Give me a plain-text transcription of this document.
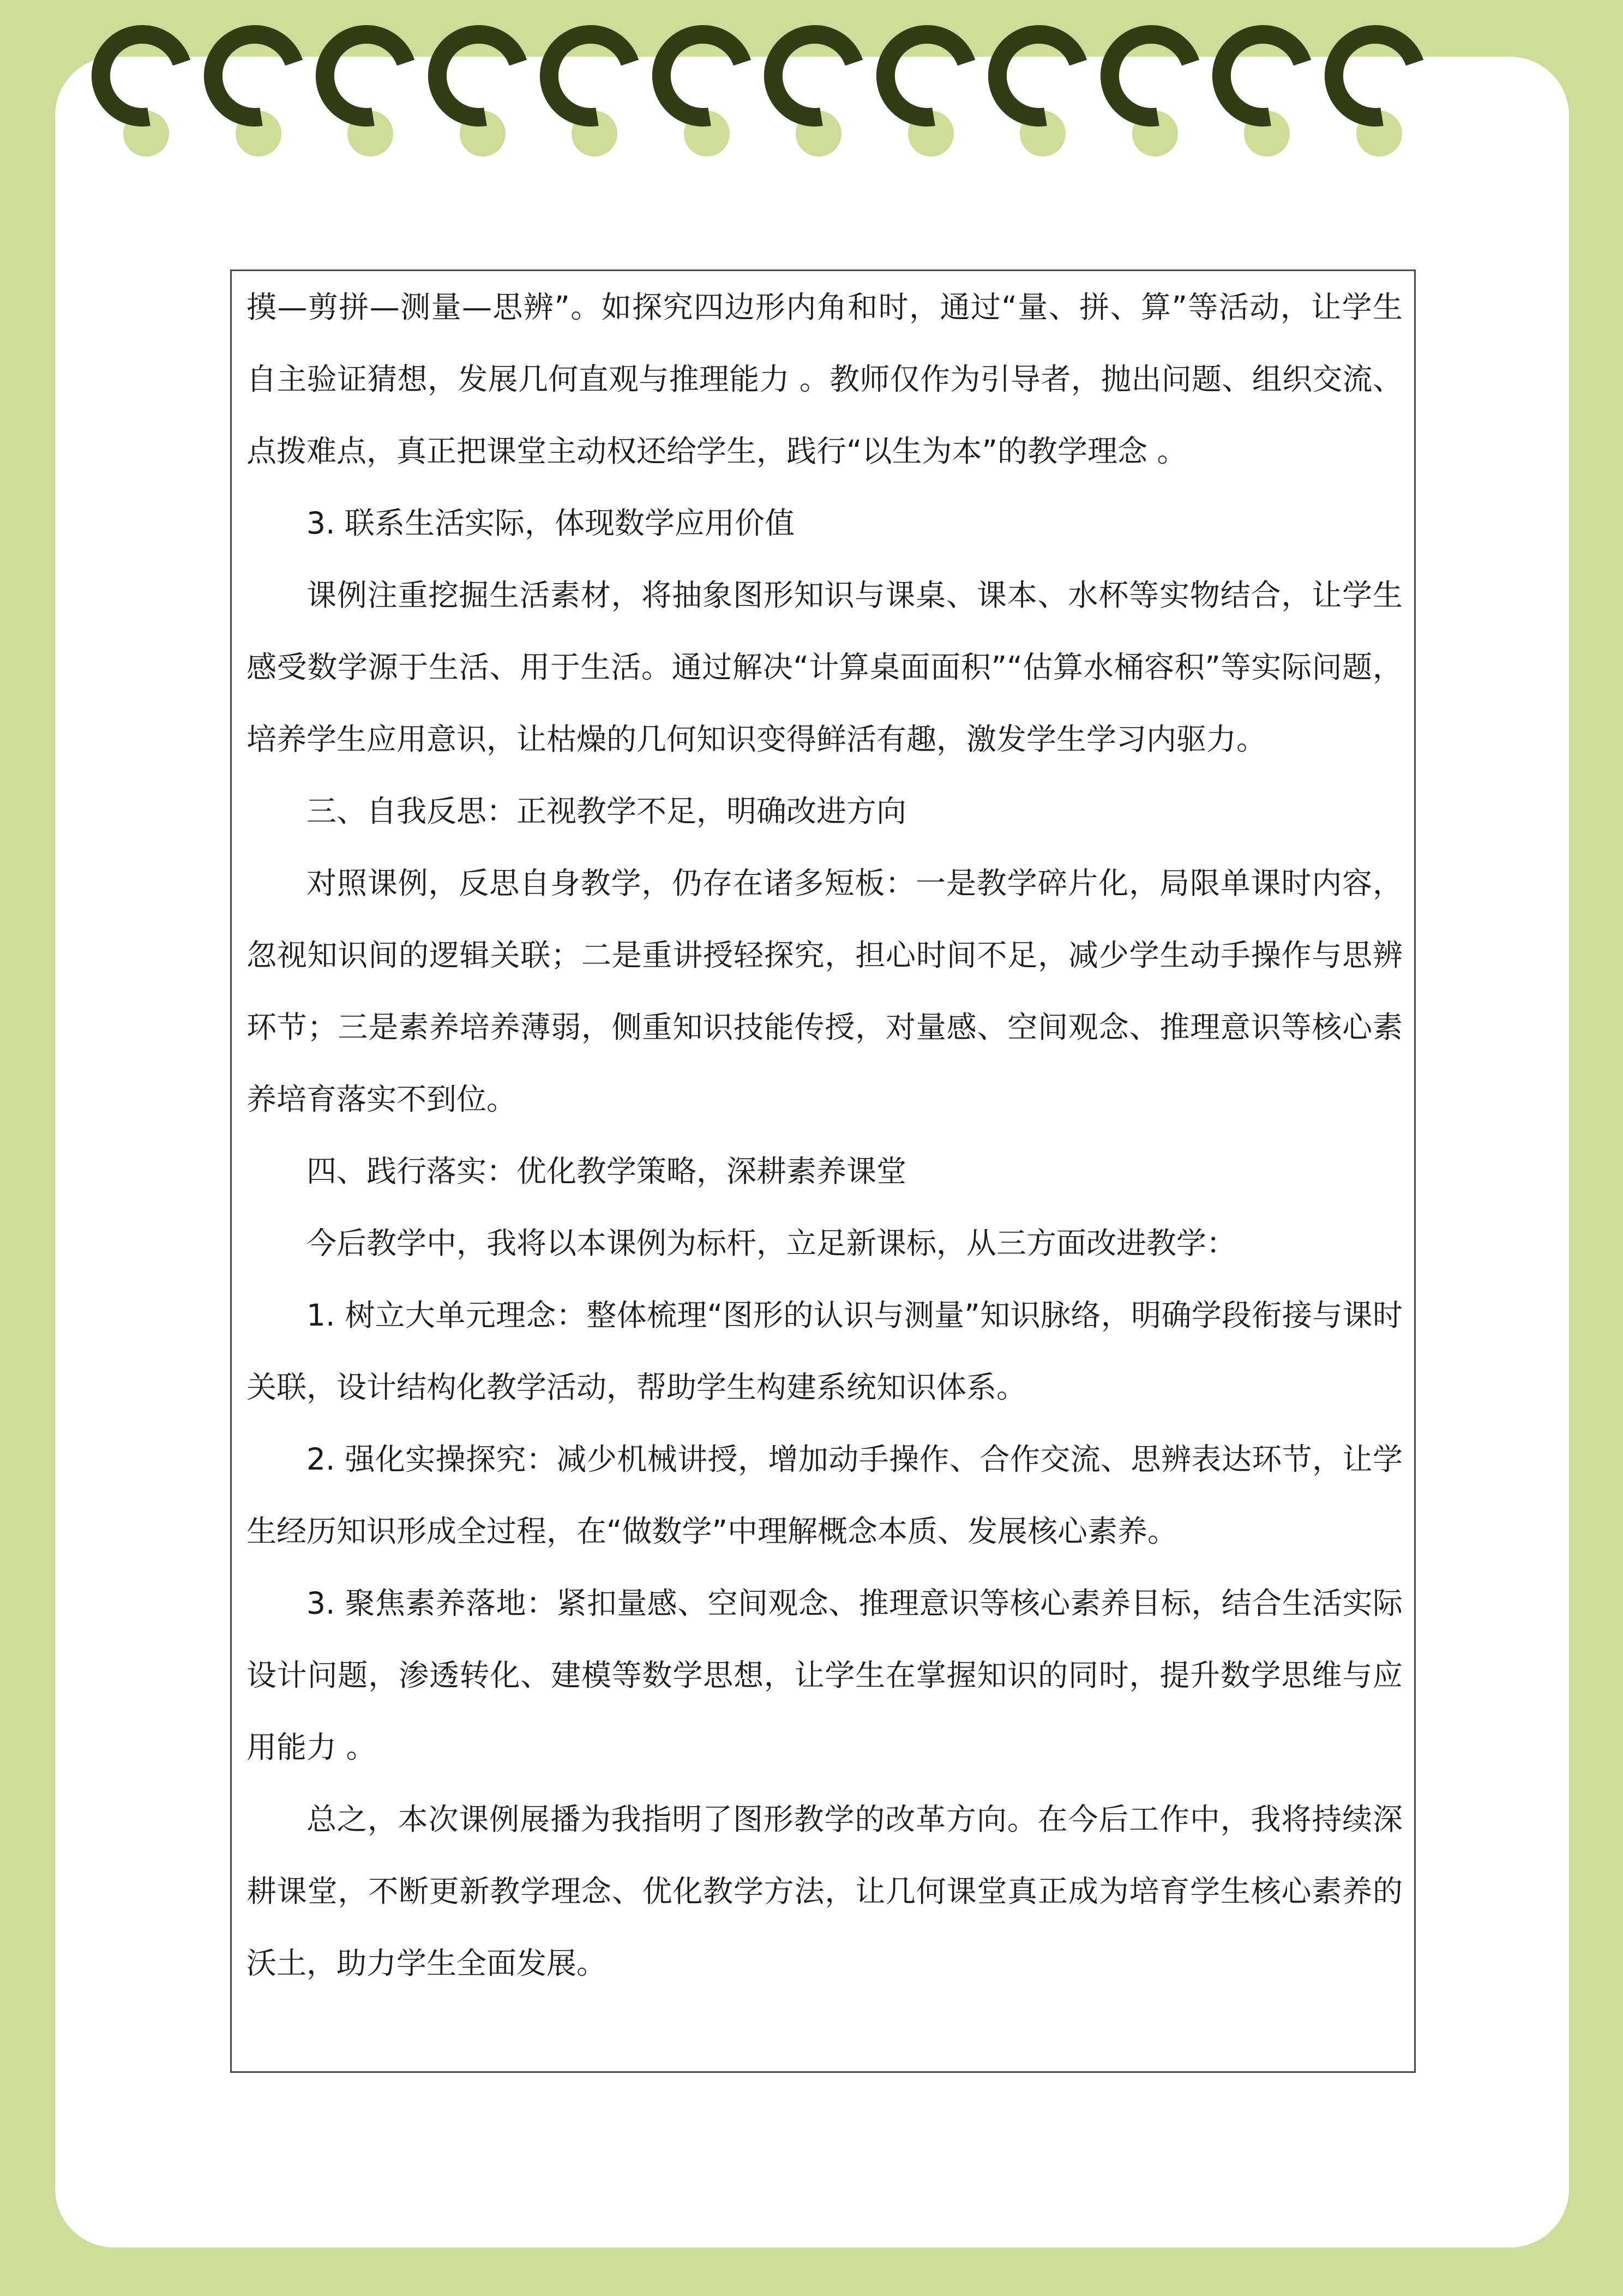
摸—剪拼—测量—思辨”。如探究四边形内角和时，通过“量、拼、算”等活动，让学生自主验证猜想，发展几何直观与推理能力 。教师仅作为引导者，抛出问题、组织交流、点拨难点，真正把课堂主动权还给学生，践行“以生为本”的教学理念 。

3. 联系生活实际，体现数学应用价值

课例注重挖掘生活素材，将抽象图形知识与课桌、课本、水杯等实物结合，让学生感受数学源于生活、用于生活。通过解决“计算桌面面积”“估算水桶容积”等实际问题，培养学生应用意识，让枯燥的几何知识变得鲜活有趣，激发学生学习内驱力。

三、自我反思：正视教学不足，明确改进方向

对照课例，反思自身教学，仍存在诸多短板：一是教学碎片化，局限单课时内容，忽视知识间的逻辑关联；二是重讲授轻探究，担心时间不足，减少学生动手操作与思辨环节；三是素养培养薄弱，侧重知识技能传授，对量感、空间观念、推理意识等核心素养培育落实不到位。

四、践行落实：优化教学策略，深耕素养课堂

今后教学中，我将以本课例为标杆，立足新课标，从三方面改进教学：

1. 树立大单元理念：整体梳理“图形的认识与测量”知识脉络，明确学段衔接与课时关联，设计结构化教学活动，帮助学生构建系统知识体系。

2. 强化实操探究：减少机械讲授，增加动手操作、合作交流、思辨表达环节，让学生经历知识形成全过程，在“做数学”中理解概念本质、发展核心素养。

3. 聚焦素养落地：紧扣量感、空间观念、推理意识等核心素养目标，结合生活实际设计问题，渗透转化、建模等数学思想，让学生在掌握知识的同时，提升数学思维与应用能力 。

总之，本次课例展播为我指明了图形教学的改革方向。在今后工作中，我将持续深耕课堂，不断更新教学理念、优化教学方法，让几何课堂真正成为培育学生核心素养的沃土，助力学生全面发展。
